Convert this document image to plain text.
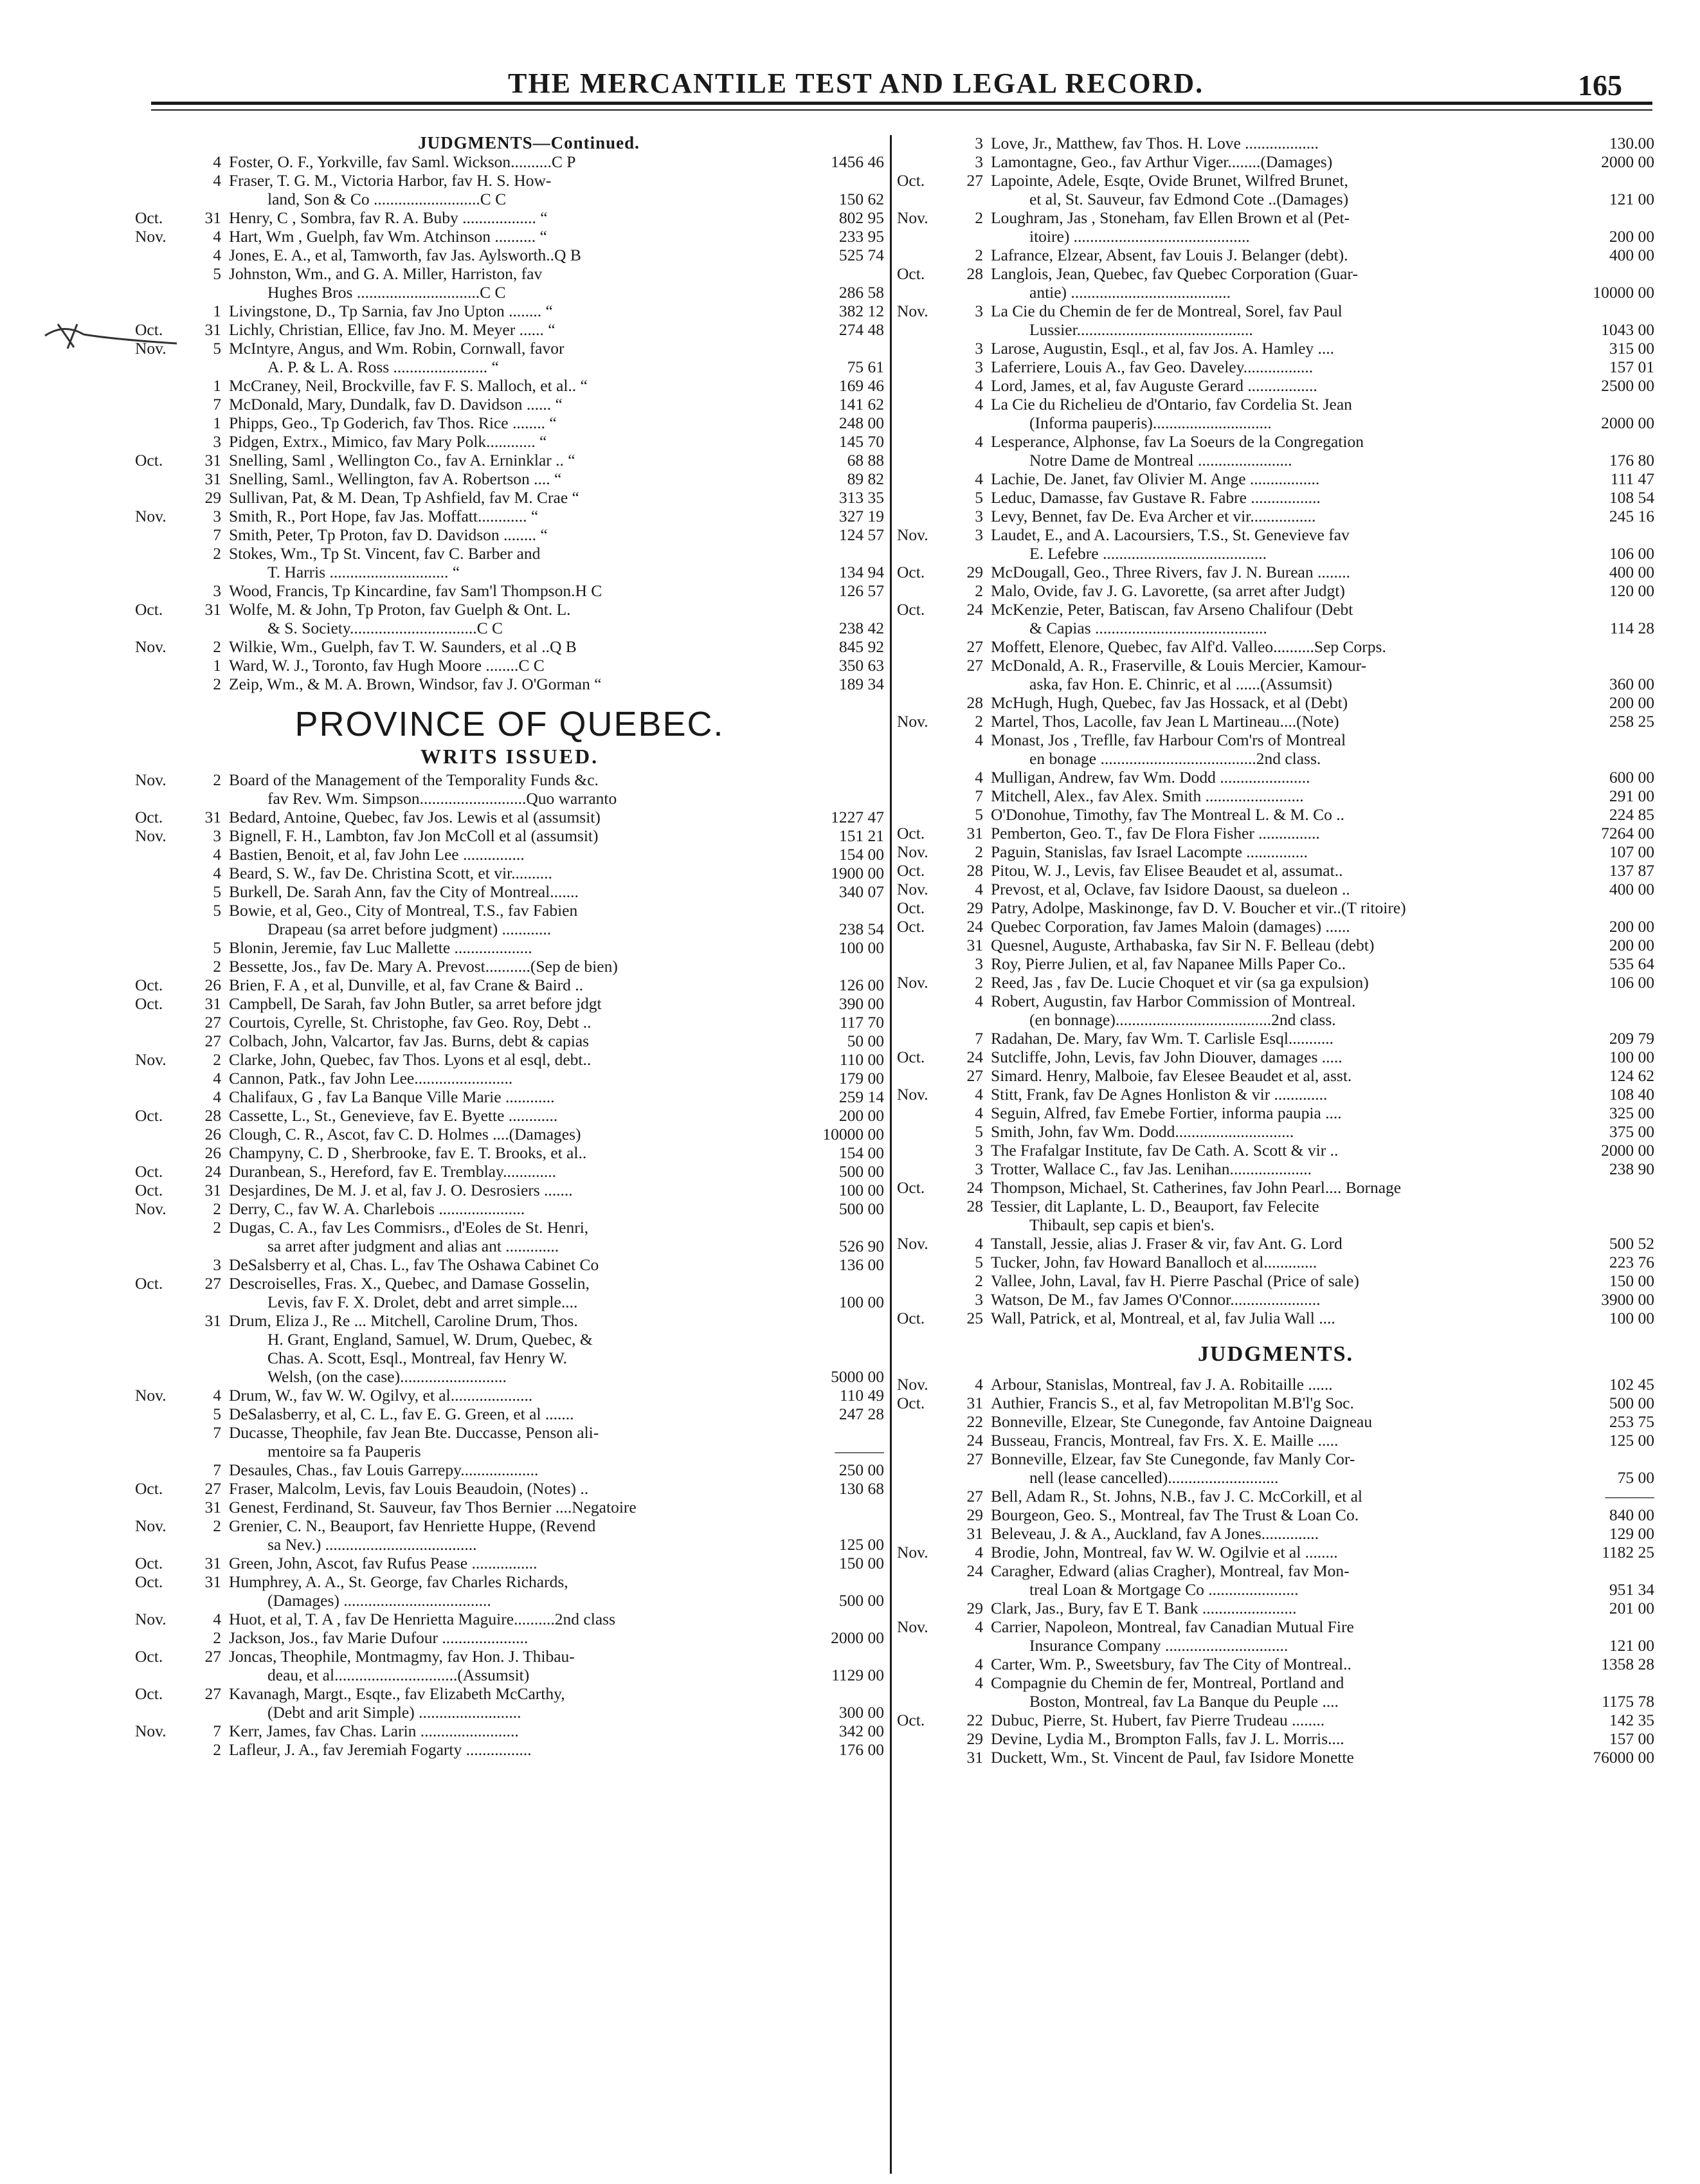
THE MERCANTILE TEST AND LEGAL RECORD.	165
JUDGMENTS—Continued.
4 Foster, O. F., Yorkville, fav Saml. Wickson..........C P	1456 46
4 Fraser, T. G. M., Victoria Harbor, fav H. S. How-
land, Son & Co ..........................C C	150 62
Oct.	31 Henry, C , Sombra, fav R. A. Buby .................. “	802 95
Nov.	4 Hart, Wm , Guelph, fav Wm. Atchinson .......... “	233 95
4 Jones, E. A., et al, Tamworth, fav Jas. Aylsworth..Q B	525 74
5 Johnston, Wm., and G. A. Miller, Harriston, fav
Hughes Bros ..............................C C	286 58
1 Livingstone, D., Tp Sarnia, fav Jno Upton ........ “	382 12
Oct.	31 Lichly, Christian, Ellice, fav Jno. M. Meyer ...... “	274 48
Nov.	5 McIntyre, Angus, and Wm. Robin, Cornwall, favor
A. P. & L. A. Ross ....................... “	75 61
1 McCraney, Neil, Brockville, fav F. S. Malloch, et al.. “	169 46
7 McDonald, Mary, Dundalk, fav D. Davidson ...... “	141 62
1 Phipps, Geo., Tp Goderich, fav Thos. Rice ........ “	248 00
3 Pidgen, Extrx., Mimico, fav Mary Polk............ “	145 70
Oct.	31 Snelling, Saml , Wellington Co., fav A. Erninklar .. “	68 88
31 Snelling, Saml., Wellington, fav A. Robertson .... “	89 82
29 Sullivan, Pat, & M. Dean, Tp Ashfield, fav M. Crae “	313 35
Nov.	3 Smith, R., Port Hope, fav Jas. Moffatt............ “	327 19
7 Smith, Peter, Tp Proton, fav D. Davidson ........ “	124 57
2 Stokes, Wm., Tp St. Vincent, fav C. Barber and
T. Harris ............................. “	134 94
3 Wood, Francis, Tp Kincardine, fav Sam'l Thompson.H C	126 57
Oct.	31 Wolfe, M. & John, Tp Proton, fav Guelph & Ont. L.
& S. Society...............................C C	238 42
Nov.	2 Wilkie, Wm., Guelph, fav T. W. Saunders, et al ..Q B	845 92
1 Ward, W. J., Toronto, fav Hugh Moore ........C C	350 63
2 Zeip, Wm., & M. A. Brown, Windsor, fav J. O'Gorman “	189 34
PROVINCE OF QUEBEC.
WRITS ISSUED.
Nov.	2 Board of the Management of the Temporality Funds &c.
fav Rev. Wm. Simpson..........................Quo warranto
Oct.	31 Bedard, Antoine, Quebec, fav Jos. Lewis et al (assumsit)	1227 47
Nov.	3 Bignell, F. H., Lambton, fav Jon McColl et al (assumsit)	151 21
4 Bastien, Benoit, et al, fav John Lee ...............	154 00
4 Beard, S. W., fav De. Christina Scott, et vir..........	1900 00
5 Burkell, De. Sarah Ann, fav the City of Montreal.......	340 07
5 Bowie, et al, Geo., City of Montreal, T.S., fav Fabien
Drapeau (sa arret before judgment) ............	238 54
5 Blonin, Jeremie, fav Luc Mallette ...................	100 00
2 Bessette, Jos., fav De. Mary A. Prevost...........(Sep de bien)
Oct.	26 Brien, F. A , et al, Dunville, et al, fav Crane & Baird ..	126 00
Oct.	31 Campbell, De Sarah, fav John Butler, sa arret before jdgt	390 00
27 Courtois, Cyrelle, St. Christophe, fav Geo. Roy, Debt ..	117 70
27 Colbach, John, Valcartor, fav Jas. Burns, debt & capias	50 00
Nov.	2 Clarke, John, Quebec, fav Thos. Lyons et al esql, debt..	110 00
4 Cannon, Patk., fav John Lee........................	179 00
4 Chalifaux, G , fav La Banque Ville Marie ............	259 14
Oct.	28 Cassette, L., St., Genevieve, fav E. Byette ............	200 00
26 Clough, C. R., Ascot, fav C. D. Holmes ....(Damages)	10000 00
26 Champyny, C. D , Sherbrooke, fav E. T. Brooks, et al..	154 00
Oct.	24 Duranbean, S., Hereford, fav E. Tremblay.............	500 00
Oct.	31 Desjardines, De M. J. et al, fav J. O. Desrosiers .......	100 00
Nov.	2 Derry, C., fav W. A. Charlebois .....................	500 00
2 Dugas, C. A., fav Les Commisrs., d'Eoles de St. Henri,
sa arret after judgment and alias ant .............	526 90
3 DeSalsberry et al, Chas. L., fav The Oshawa Cabinet Co	136 00
Oct.	27 Descroiselles, Fras. X., Quebec, and Damase Gosselin,
Levis, fav F. X. Drolet, debt and arret simple....	100 00
31 Drum, Eliza J., Re ... Mitchell, Caroline Drum, Thos.
H. Grant, England, Samuel, W. Drum, Quebec, &
Chas. A. Scott, Esql., Montreal, fav Henry W.
Welsh, (on the case)..........................	5000 00
Nov.	4 Drum, W., fav W. W. Ogilvy, et al....................	110 49
5 DeSalasberry, et al, C. L., fav E. G. Green, et al .......	247 28
7 Ducasse, Theophile, fav Jean Bte. Duccasse, Penson ali-
mentoire sa fa Pauperis	———
7 Desaules, Chas., fav Louis Garrepy...................	250 00
Oct.	27 Fraser, Malcolm, Levis, fav Louis Beaudoin, (Notes) ..	130 68
31 Genest, Ferdinand, St. Sauveur, fav Thos Bernier ....Negatoire
Nov.	2 Grenier, C. N., Beauport, fav Henriette Huppe, (Revend
sa Nev.) .....................................	125 00
Oct.	31 Green, John, Ascot, fav Rufus Pease ................	150 00
Oct.	31 Humphrey, A. A., St. George, fav Charles Richards,
(Damages) ....................................	500 00
Nov.	4 Huot, et al, T. A , fav De Henrietta Maguire..........2nd class
2 Jackson, Jos., fav Marie Dufour .....................	2000 00
Oct.	27 Joncas, Theophile, Montmagmy, fav Hon. J. Thibau-
deau, et al..............................(Assumsit)	1129 00
Oct.	27 Kavanagh, Margt., Esqte., fav Elizabeth McCarthy,
(Debt and arit Simple) .........................	300 00
Nov.	7 Kerr, James, fav Chas. Larin ........................	342 00
2 Lafleur, J. A., fav Jeremiah Fogarty ................	176 00
3 Love, Jr., Matthew, fav Thos. H. Love ..................	130.00
3 Lamontagne, Geo., fav Arthur Viger........(Damages)	2000 00
Oct.	27 Lapointe, Adele, Esqte, Ovide Brunet, Wilfred Brunet,
et al, St. Sauveur, fav Edmond Cote ..(Damages)	121 00
Nov.	2 Loughram, Jas , Stoneham, fav Ellen Brown et al (Pet-
itoire) ...........................................	200 00
2 Lafrance, Elzear, Absent, fav Louis J. Belanger (debt).	400 00
Oct.	28 Langlois, Jean, Quebec, fav Quebec Corporation (Guar-
antie) .......................................	10000 00
Nov.	3 La Cie du Chemin de fer de Montreal, Sorel, fav Paul
Lussier...........................................	1043 00
3 Larose, Augustin, Esql., et al, fav Jos. A. Hamley ....	315 00
3 Laferriere, Louis A., fav Geo. Daveley.................	157 01
4 Lord, James, et al, fav Auguste Gerard .................	2500 00
4 La Cie du Richelieu de d'Ontario, fav Cordelia St. Jean
(Informa pauperis).............................	2000 00
4 Lesperance, Alphonse, fav La Soeurs de la Congregation
Notre Dame de Montreal .......................	176 80
4 Lachie, De. Janet, fav Olivier M. Ange .................	111 47
5 Leduc, Damasse, fav Gustave R. Fabre .................	108 54
3 Levy, Bennet, fav De. Eva Archer et vir................	245 16
Nov.	3 Laudet, E., and A. Lacoursiers, T.S., St. Genevieve fav
E. Lefebre ........................................	106 00
Oct.	29 McDougall, Geo., Three Rivers, fav J. N. Burean ........	400 00
2 Malo, Ovide, fav J. G. Lavorette, (sa arret after Judgt)	120 00
Oct.	24 McKenzie, Peter, Batiscan, fav Arseno Chalifour (Debt
& Capias ..........................................	114 28
27 Moffett, Elenore, Quebec, fav Alf'd. Valleo..........Sep Corps.
27 McDonald, A. R., Fraserville, & Louis Mercier, Kamour-
aska, fav Hon. E. Chinric, et al ......(Assumsit)	360 00
28 McHugh, Hugh, Quebec, fav Jas Hossack, et al (Debt)	200 00
Nov.	2 Martel, Thos, Lacolle, fav Jean L Martineau....(Note)	258 25
4 Monast, Jos , Treflle, fav Harbour Com'rs of Montreal
en bonage ......................................2nd class.
4 Mulligan, Andrew, fav Wm. Dodd ......................	600 00
7 Mitchell, Alex., fav Alex. Smith ........................	291 00
5 O'Donohue, Timothy, fav The Montreal L. & M. Co ..	224 85
Oct.	31 Pemberton, Geo. T., fav De Flora Fisher ...............	7264 00
Nov.	2 Paguin, Stanislas, fav Israel Lacompte ...............	107 00
Oct.	28 Pitou, W. J., Levis, fav Elisee Beaudet et al, assumat..	137 87
Nov.	4 Prevost, et al, Oclave, fav Isidore Daoust, sa dueleon ..	400 00
Oct.	29 Patry, Adolpe, Maskinonge, fav D. V. Boucher et vir..(T ritoire)
Oct.	24 Quebec Corporation, fav James Maloin (damages) ......	200 00
31 Quesnel, Auguste, Arthabaska, fav Sir N. F. Belleau (debt)	200 00
3 Roy, Pierre Julien, et al, fav Napanee Mills Paper Co..	535 64
Nov.	2 Reed, Jas , fav De. Lucie Choquet et vir (sa ga expulsion)	106 00
4 Robert, Augustin, fav Harbor Commission of Montreal.
(en bonnage)......................................2nd class.
7 Radahan, De. Mary, fav Wm. T. Carlisle Esql...........	209 79
Oct.	24 Sutcliffe, John, Levis, fav John Diouver, damages .....	100 00
27 Simard. Henry, Malboie, fav Elesee Beaudet et al, asst.	124 62
Nov.	4 Stitt, Frank, fav De Agnes Honliston & vir .............	108 40
4 Seguin, Alfred, fav Emebe Fortier, informa paupia ....	325 00
5 Smith, John, fav Wm. Dodd.............................	375 00
3 The Frafalgar Institute, fav De Cath. A. Scott & vir ..	2000 00
3 Trotter, Wallace C., fav Jas. Lenihan....................	238 90
Oct.	24 Thompson, Michael, St. Catherines, fav John Pearl.... Bornage
28 Tessier, dit Laplante, L. D., Beauport, fav Felecite
Thibault, sep capis et bien's.
Nov.	4 Tanstall, Jessie, alias J. Fraser & vir, fav Ant. G. Lord	500 52
5 Tucker, John, fav Howard Banalloch et al.............	223 76
2 Vallee, John, Laval, fav H. Pierre Paschal (Price of sale)	150 00
3 Watson, De M., fav James O'Connor......................	3900 00
Oct.	25 Wall, Patrick, et al, Montreal, et al, fav Julia Wall ....	100 00
JUDGMENTS.
Nov.	4 Arbour, Stanislas, Montreal, fav J. A. Robitaille ......	102 45
Oct.	31 Authier, Francis S., et al, fav Metropolitan M.B'l'g Soc.	500 00
22 Bonneville, Elzear, Ste Cunegonde, fav Antoine Daigneau	253 75
24 Busseau, Francis, Montreal, fav Frs. X. E. Maille .....	125 00
27 Bonneville, Elzear, fav Ste Cunegonde, fav Manly Cor-
nell (lease cancelled)...........................	75 00
27 Bell, Adam R., St. Johns, N.B., fav J. C. McCorkill, et al	———
29 Bourgeon, Geo. S., Montreal, fav The Trust & Loan Co.	840 00
31 Beleveau, J. & A., Auckland, fav A Jones..............	129 00
Nov.	4 Brodie, John, Montreal, fav W. W. Ogilvie et al ........	1182 25
24 Caragher, Edward (alias Cragher), Montreal, fav Mon-
treal Loan & Mortgage Co ......................	951 34
29 Clark, Jas., Bury, fav E T. Bank .......................	201 00
Nov.	4 Carrier, Napoleon, Montreal, fav Canadian Mutual Fire
Insurance Company ..............................	121 00
4 Carter, Wm. P., Sweetsbury, fav The City of Montreal..	1358 28
4 Compagnie du Chemin de fer, Montreal, Portland and
Boston, Montreal, fav La Banque du Peuple ....	1175 78
Oct.	22 Dubuc, Pierre, St. Hubert, fav Pierre Trudeau ........	142 35
29 Devine, Lydia M., Brompton Falls, fav J. L. Morris....	157 00
31 Duckett, Wm., St. Vincent de Paul, fav Isidore Monette	76000 00
